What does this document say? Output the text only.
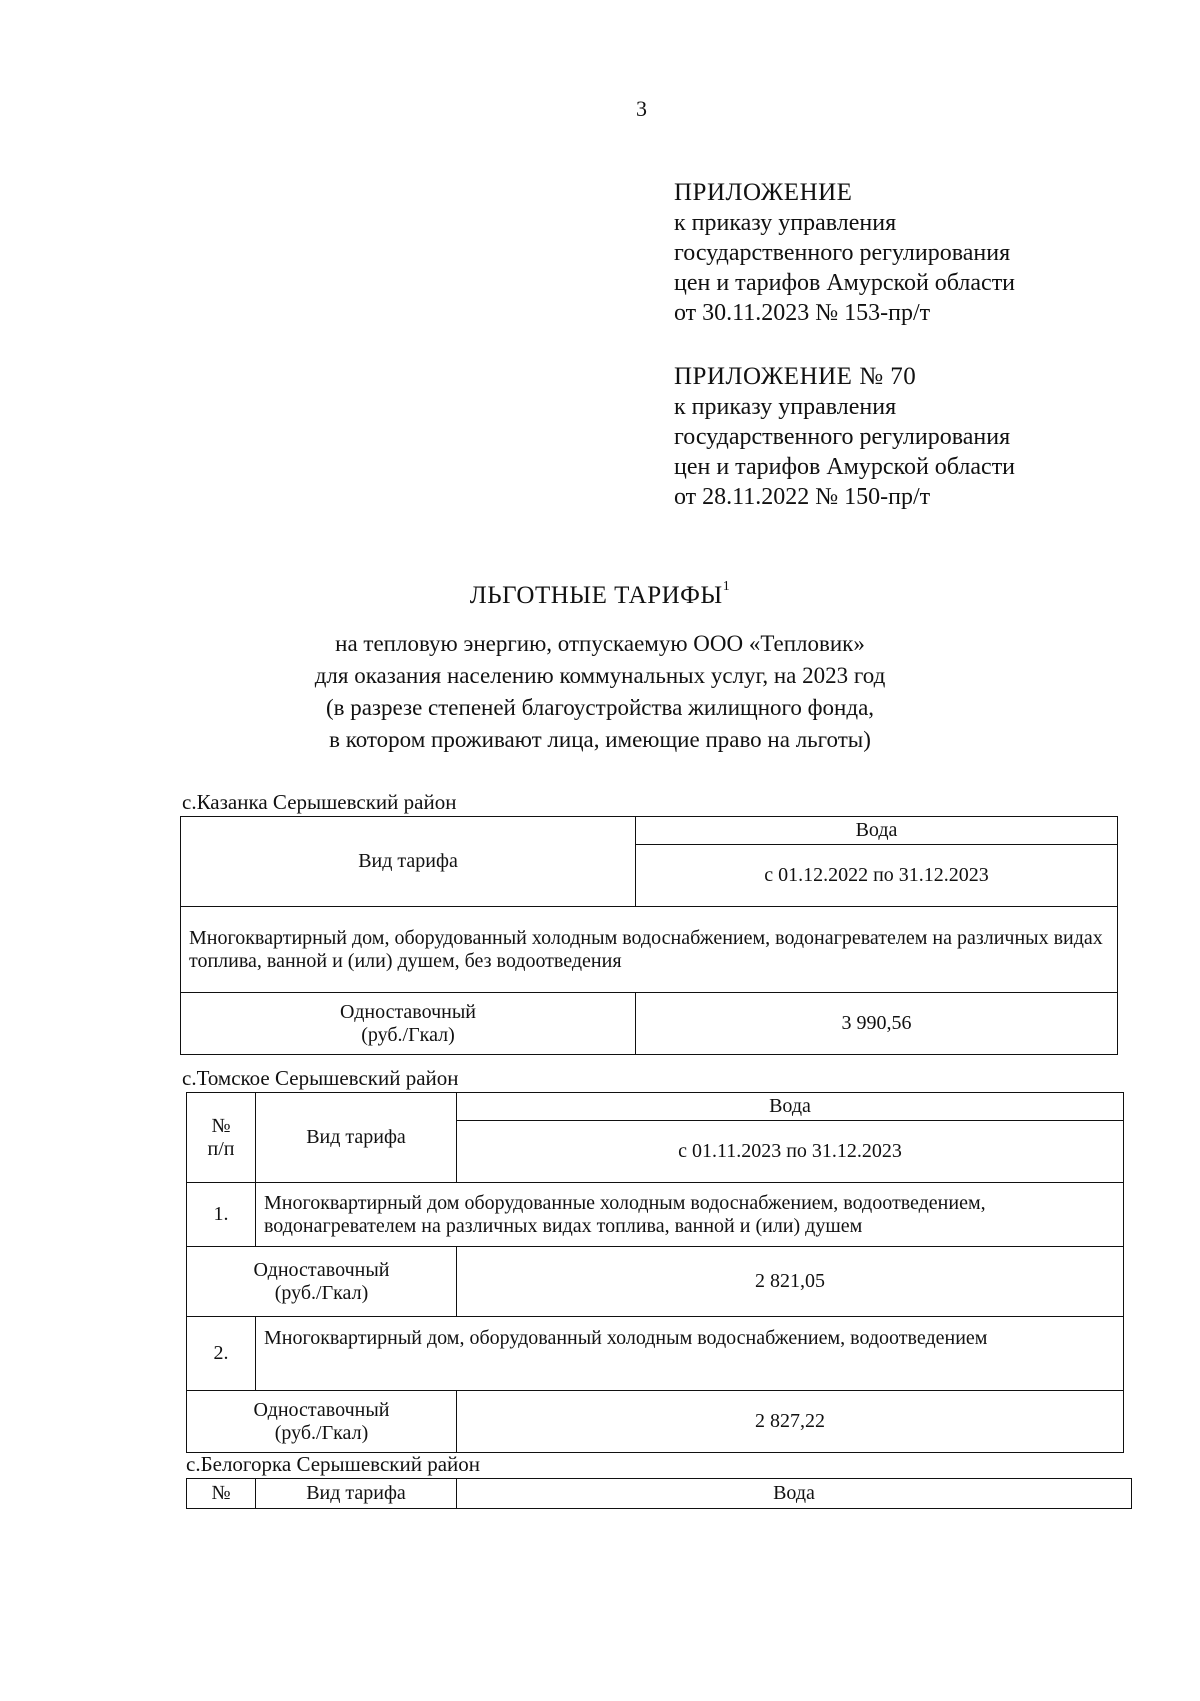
3
ПРИЛОЖЕНИЕ
к приказу управления
государственного регулирования
цен и тарифов Амурской области
от 30.11.2023 № 153-пр/т
ПРИЛОЖЕНИЕ № 70
к приказу управления
государственного регулирования
цен и тарифов Амурской области
от 28.11.2022 № 150-пр/т
ЛЬГОТНЫЕ ТАРИФЫ$^1$
на тепловую энергию, отпускаемую ООО «Тепловик»
для оказания населению коммунальных услуг, на 2023 год
(в разрезе степеней благоустройства жилищного фонда,
в котором проживают лица, имеющие право на льготы)
с.Казанка Серышевский район
Вид тарифа	Вода
	с 01.12.2022 по 31.12.2023
Многоквартирный дом, оборудованный холодным водоснабжением, водонагревателем на различных видах топлива, ванной и (или) душем, без водоотведения	

Одноставочный
(руб./Гкал)	3 990,56
с.Томское Серышевский район
№
п/п	Вид тарифа	Вода
		с 01.11.2023 по 31.12.2023
1.	Многоквартирный дом оборудованные холодным водоснабжением, водоотведением, водонагревателем на различных видах топлива, ванной и (или) душем	

Одноставочный
(руб./Гкал)		2 821,05
2.	Многоквартирный дом, оборудованный холодным водоснабжением, водоотведением	

Одноставочный
(руб./Гкал)		2 827,22
с.Белогорка Серышевский район
№	Вид тарифа	Вода
